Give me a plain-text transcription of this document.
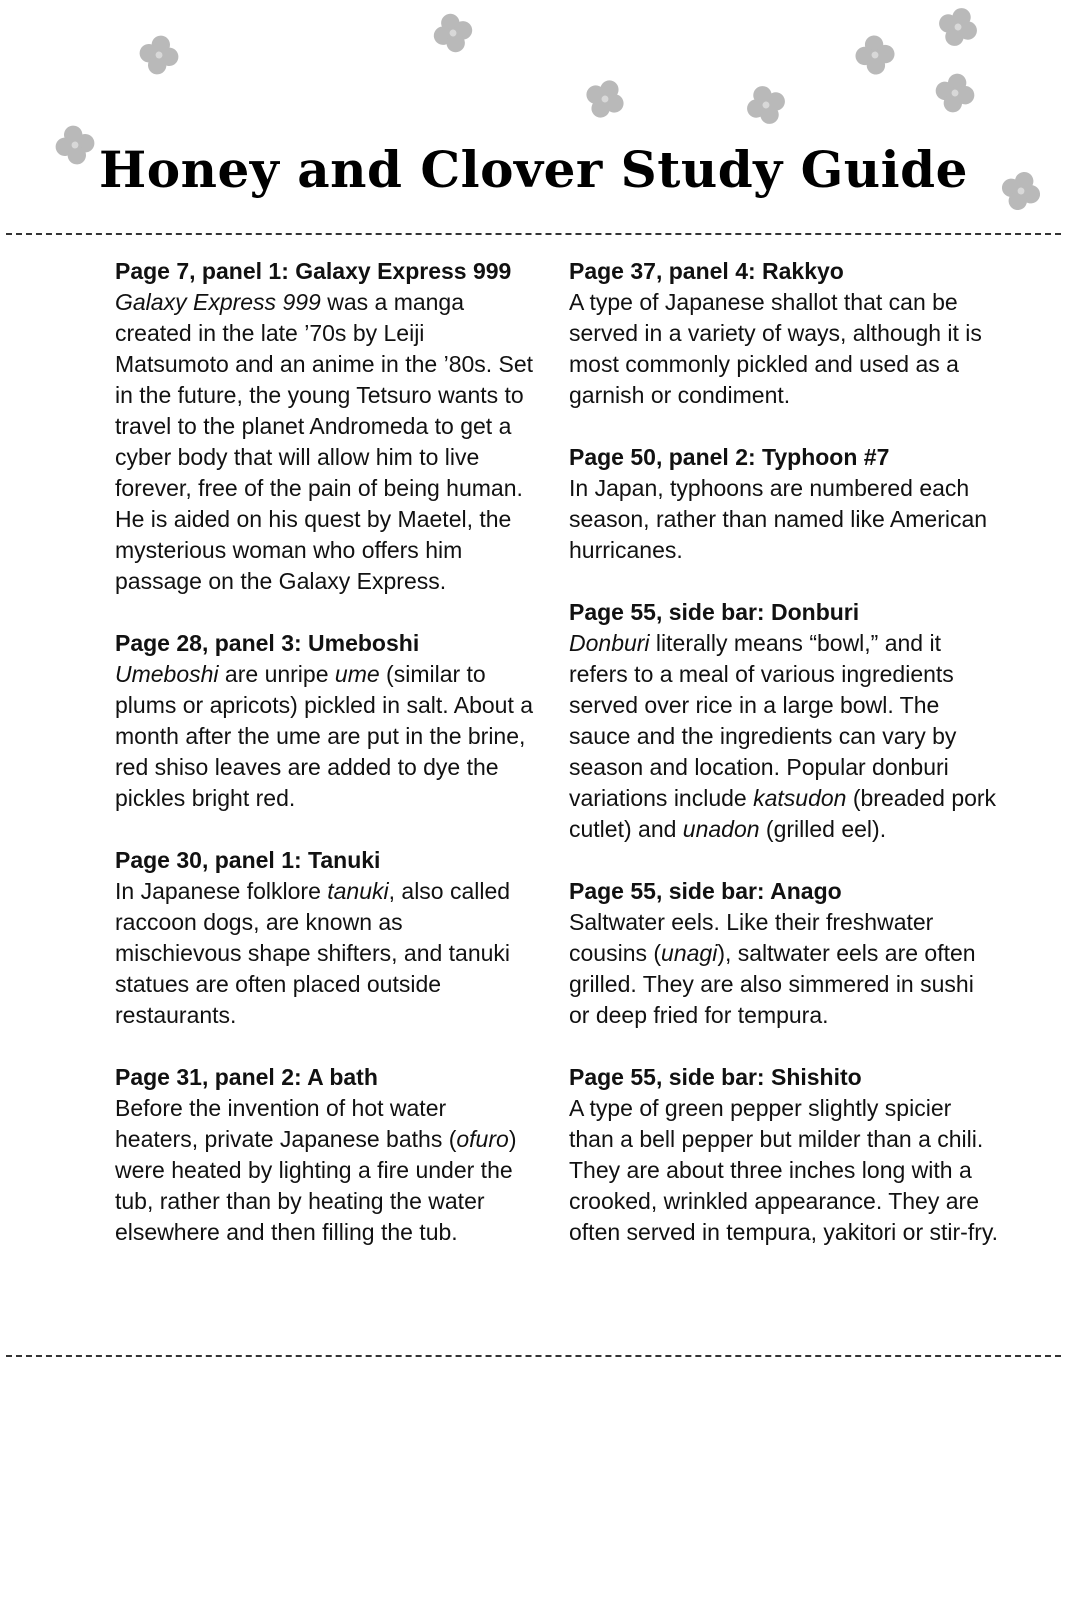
Honey and Clover Study Guide

Page 7, panel 1: Galaxy Express 999

Galaxy Express 999 was a manga created in the late ’70s by Leiji Matsumoto and an anime in the ’80s. Set in the future, the young Tetsuro wants to travel to the planet Andromeda to get a cyber body that will allow him to live forever, free of the pain of being human. He is aided on his quest by Maetel, the mysterious woman who offers him passage on the Galaxy Express.

Page 28, panel 3: Umeboshi

Umeboshi are unripe ume (similar to plums or apricots) pickled in salt. About a month after the ume are put in the brine, red shiso leaves are added to dye the pickles bright red.

Page 30, panel 1: Tanuki

In Japanese folklore tanuki, also called raccoon dogs, are known as mischievous shape shifters, and tanuki statues are often placed outside restaurants.

Page 31, panel 2: A bath

Before the invention of hot water heaters, private Japanese baths (ofuro) were heated by lighting a fire under the tub, rather than by heating the water elsewhere and then filling the tub.

Page 37, panel 4: Rakkyo

A type of Japanese shallot that can be served in a variety of ways, although it is most commonly pickled and used as a garnish or condiment.

Page 50, panel 2: Typhoon #7

In Japan, typhoons are numbered each season, rather than named like American hurricanes.

Page 55, side bar: Donburi

Donburi literally means “bowl,” and it refers to a meal of various ingredients served over rice in a large bowl. The sauce and the ingredients can vary by season and location. Popular donburi variations include katsudon (breaded pork cutlet) and unadon (grilled eel).

Page 55, side bar: Anago

Saltwater eels. Like their freshwater cousins (unagi), saltwater eels are often grilled. They are also simmered in sushi or deep fried for tempura.

Page 55, side bar: Shishito

A type of green pepper slightly spicier than a bell pepper but milder than a chili. They are about three inches long with a crooked, wrinkled appearance. They are often served in tempura, yakitori or stir-fry.
